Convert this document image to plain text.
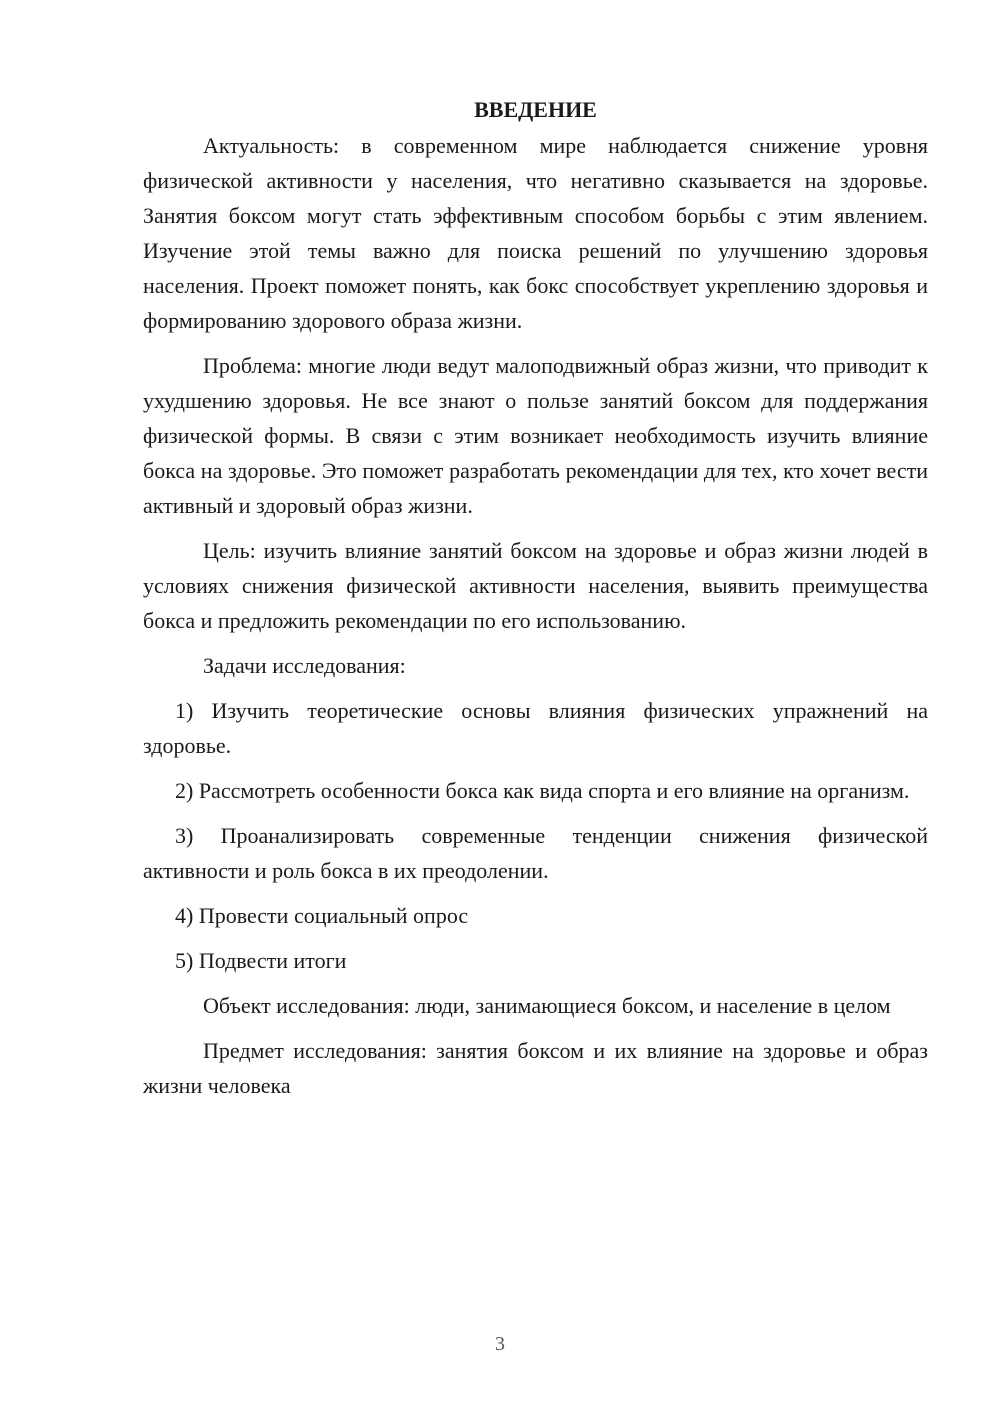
ВВЕДЕНИЕ

Актуальность: в современном мире наблюдается снижение уровня физической активности у населения, что негативно сказывается на здоровье. Занятия боксом могут стать эффективным способом борьбы с этим явлением. Изучение этой темы важно для поиска решений по улучшению здоровья населения. Проект поможет понять, как бокс способствует укреплению здоровья и формированию здорового образа жизни.

Проблема: многие люди ведут малоподвижный образ жизни, что приводит к ухудшению здоровья. Не все знают о пользе занятий боксом для поддержания физической формы. В связи с этим возникает необходимость изучить влияние бокса на здоровье. Это поможет разработать рекомендации для тех, кто хочет вести активный и здоровый образ жизни.

Цель: изучить влияние занятий боксом на здоровье и образ жизни людей в условиях снижения физической активности населения, выявить преимущества бокса и предложить рекомендации по его использованию.

Задачи исследования:

1) Изучить теоретические основы влияния физических упражнений на здоровье.

2) Рассмотреть особенности бокса как вида спорта и его влияние на организм.

3) Проанализировать современные тенденции снижения физической активности и роль бокса в их преодолении.

4) Провести социальный опрос

5) Подвести итоги

Объект исследования: люди, занимающиеся боксом, и население в целом

Предмет исследования: занятия боксом и их влияние на здоровье и образ жизни человека

3
